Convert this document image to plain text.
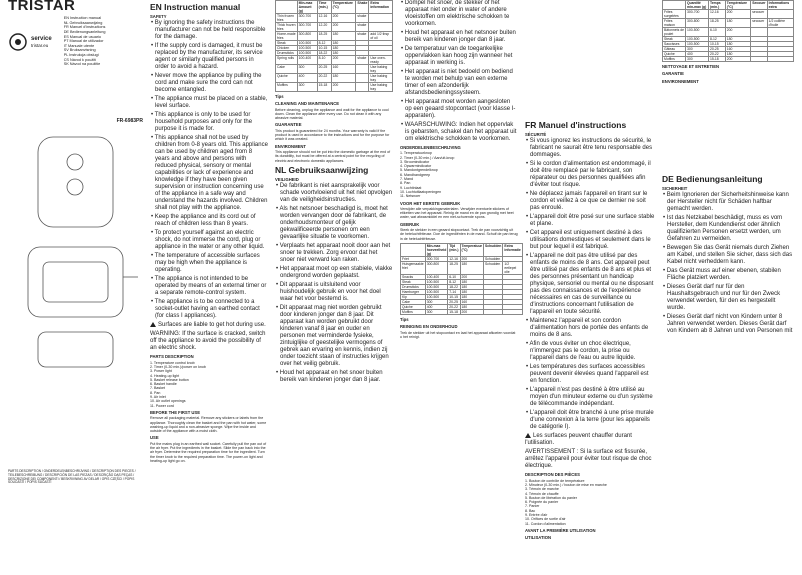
TRISTAR
service
tristar.eu
EN Instruction manual
NL Gebruiksaanwijzing
FR Manuel d'instructions
DE Bedienungsanleitung
ES Manual de usuario
PT Manual de utilizador
IT Manuale utente
SV Bruksanvisning
PL Instrukcja obslugi
CS Návod k použití
SK Návod na použitie
FR-6983PR
PARTS DESCRIPTION / ONDERDELENBESCHRIJVING / DESCRIPTION DES PIECES / TEILEBESCHREIBUNG / DESCRIPCIÓN DE LAS PIEZAS / DESCRIÇÃO DAS PEÇAS / DESCRIZIONE DEI COMPONENTI / BESKRIVNING AV DELAR / OPIS CZĘŚCI / POPIS SOUČÁSTÍ / POPIS SÚČASTÍ
EN Instruction manual
SAFETY

• By ignoring the safety instructions the manufacturer can not be held responsible for the damage.

• If the supply cord is damaged, it must be replaced by the manufacturer, its service agent or similarly qualified persons in order to avoid a hazard.

• Never move the appliance by pulling the cord and make sure the cord can not become entangled.

• The appliance must be placed on a stable, level surface.

• This appliance is only to be used for household purposes and only for the purpose it is made for.

• This appliance shall not be used by children from 0-8 years old. This appliance can be used by children aged from 8 years and above and persons with reduced physical, sensory or mental capabilities or lack of experience and knowledge if they have been given supervision or instruction concerning use of the appliance in a safe way and understand the hazards involved. Children shall not play with the appliance.

• Keep the appliance and its cord out of reach of children less than 8 years.

• To protect yourself against an electric shock, do not immerse the cord, plug or appliance in the water or any other liquid.

• The temperature of accessible surfaces may be high when the appliance is operating.

• The appliance is not intended to be operated by means of an external timer or a separate remote-control system.

• The appliance is to be connected to a socket-outlet having an earthed contact (for class I appliances).

Surfaces are liable to get hot during use.

WARNING: If the surface is cracked, switch off the appliance to avoid the possibility of an electric shock.

PARTS DESCRIPTION
1. Temperature control knob
2. Timer (0-30 min.)/power on knob
3. Power light
4. Heating-up light
5. Basket release button
6. Basket handle
7. Basket
8. Pan
9. Air inlet
10. Air outlet openings
11. Power cord
BEFORE THE FIRST USE

Remove all packaging material. Remove any stickers or labels from the appliance. Thoroughly clean the basket and the pan with hot water, some washing-up liquid and a non-abrasive sponge. Wipe the inside and outside of the appliance with a moist cloth.

USE

Put the mains plug in an earthed wall socket. Carefully pull the pan out of the air fryer. Put the ingredients in the basket. Slide the pan back into the air fryer. Determine the required preparation time for the ingredient. Turn the timer knob to the required preparation time. The power-on light and heating-up light go on.

	Min-max Amount (g)	Time (min.)	Temperature (°C)	Shake	Extra information
Thin frozen fries	300-700	12-16	200	shake	
Thick frozen fries	300-700	12-20	200	shake	
Home-made fries	300-800	18-25	180	shake	add 1/2 tbsp of oil
Steak	100-500	8-12	180		
Chicken	100-500	10-15	180		
Drumsticks	100-500	18-22	180		
Spring rolls	100-400	8-10	200	shake	Use oven-ready
Cake	300	20-25	160		Use baking tray
Quiche	400	20-22	180		Use baking tray
Muffins	300	15-18	200		Use baking tray
Tips
CLEANING AND MAINTENANCE

Before cleaning, unplug the appliance and wait for the appliance to cool down. Clean the appliance after every use. Do not clean it with any abrasive material.

GUARANTEE

This product is guaranteed for 24 months. Your warranty is valid if the product is used in accordance to the instructions and for the purpose for which it was created.

ENVIRONMENT

This appliance should not be put into the domestic garbage at the end of its durability, but must be offered at a central point for the recycling of electric and electronic domestic appliances.

NL Gebruiksaanwijzing
VEILIGHEID

• De fabrikant is niet aansprakelijk voor schade voortvloeiend uit het niet opvolgen van de veiligheidsinstructies.

• Als het netsnoer beschadigd is, moet het worden vervangen door de fabrikant, de onderhoudsmonteur of gelijk gekwalificeerde personen om een gevaarlijke situatie te voorkomen.

• Verplaats het apparaat nooit door aan het snoer te trekken. Zorg ervoor dat het snoer niet verward kan raken.

• Het apparaat moet op een stabiele, vlakke ondergrond worden geplaatst.

• Dit apparaat is uitsluitend voor huishoudelijk gebruik en voor het doel waar het voor bestemd is.

• Dit apparaat mag niet worden gebruikt door kinderen jonger dan 8 jaar. Dit apparaat kan worden gebruikt door kinderen vanaf 8 jaar en ouder en personen met verminderde fysieke, zintuiglijke of geestelijke vermogens of gebrek aan ervaring en kennis, indien zij onder toezicht staan of instructies krijgen over het veilig gebruik.

• Houd het apparaat en het snoer buiten bereik van kinderen jonger dan 8 jaar.

• Dompel het snoer, de stekker of het apparaat niet onder in water of andere vloeistoffen om elektrische schokken te voorkomen.

• Houd het apparaat en het netsnoer buiten bereik van kinderen jonger dan 8 jaar.

• De temperatuur van de toegankelijke oppervlakken kan hoog zijn wanneer het apparaat in werking is.

• Het apparaat is niet bedoeld om bediend te worden met behulp van een externe timer of een afzonderlijk afstandsbedieningssysteem.

• Het apparaat moet worden aangesloten op een geaard stopcontact (voor klasse I-apparaten).

• WAARSCHUWING: Indien het oppervlak is gebarsten, schakel dan het apparaat uit om elektrische schokken te voorkomen.

ONDERDELENBESCHRIJVING
1. Temperatuurknop
2. Timer (0-30 min.) / Aan/uit-knop
3. Stroomindicator
4. Opwarmindicator
5. Mandontgrendelknop
6. Mandhandgreep
7. Mand
8. Pan
9. Luchtinlaat
10. Luchtuitlaatopeningen
11. Netsnoer
VOOR HET EERSTE GEBRUIK

Verwijder alle verpakkingsmaterialen. Verwijder eventuele stickers of etiketten van het apparaat. Reinig de mand en de pan grondig met heet water, wat afwasmiddel en een niet-schurende spons.

GEBRUIK

Steek de stekker in een geaard stopcontact. Trek de pan voorzichtig uit de heteluchtfriteuse. Doe de ingrediënten in de mand. Schuif de pan terug in de heteluchtfriteuse.

	Min-max hoeveelheid (g)	Tijd (min.)	Temperatuur (°C)	Schudden	Extra informatie
Friet	300-700	12-16	200	Schudden	
Huisgemaakte friet	300-800	18-25	180	Schudden	1/2 eetlepel olie
Snacks	100-400	6-10	200		
Steak	100-500	8-12	180		
Drumsticks	100-500	18-22	180		
Hamburger	100-500	7-14	180		
Kip	100-500	10-15	180		
Cake	300	20-25	160		
Quiche	400	20-22	180		
Muffins	300	15-18	200		
Tips
REINIGING EN ONDERHOUD

Trek de stekker uit het stopcontact en laat het apparaat afkoelen voordat u het reinigt.

FR Manuel d'instructions
SÉCURITÉ

• Si vous ignorez les instructions de sécurité, le fabricant ne saurait être tenu responsable des dommages.

• Si le cordon d'alimentation est endommagé, il doit être remplacé par le fabricant, son réparateur ou des personnes qualifiées afin d'éviter tout risque.

• Ne déplacez jamais l'appareil en tirant sur le cordon et veillez à ce que ce dernier ne soit pas enroulé.

• L'appareil doit être posé sur une surface stable et plane.

• Cet appareil est uniquement destiné à des utilisations domestiques et seulement dans le but pour lequel il est fabriqué.

• L'appareil ne doit pas être utilisé par des enfants de moins de 8 ans. Cet appareil peut être utilisé par des enfants de 8 ans et plus et des personnes présentant un handicap physique, sensoriel ou mental ou ne disposant pas des connaissances et de l'expérience nécessaires en cas de surveillance ou d'instructions concernant l'utilisation de l'appareil en toute sécurité.

• Maintenez l'appareil et son cordon d'alimentation hors de portée des enfants de moins de 8 ans.

• Afin de vous éviter un choc électrique, n'immergez pas le cordon, la prise ou l'appareil dans de l'eau ou autre liquide.

• Les températures des surfaces accessibles peuvent devenir élevées quand l'appareil est en fonction.

• L'appareil n'est pas destiné à être utilisé au moyen d'un minuteur externe ou d'un système de télécommande indépendant.

• L'appareil doit être branché à une prise murale d'une connexion à la terre (pour les appareils de catégorie I).

Les surfaces peuvent chauffer durant l'utilisation.

AVERTISSEMENT : Si la surface est fissurée, arrêtez l'appareil pour éviter tout risque de choc électrique.

DESCRIPTION DES PIÈCES
1. Bouton de contrôle de température
2. Minuteur (0-30 min.) / bouton de mise en marche
3. Témoin de marche
4. Témoin de chauffe
5. Bouton de libération du panier
6. Poignée du panier
7. Panier
8. Bac
9. Entrée d'air
10. Orifices de sortie d'air
11. Cordon d'alimentation
AVANT LA PREMIÈRE UTILISATION
UTILISATION
	Quantité min-max (g)	Temps (min.)	Température (°C)	Secouer	Informations extra
Frites surgelées	300-700	12-16	200	secouer	
Frites maison	300-800	18-25	180	secouer	1/2 cuillère d'huile
Bâtonnets de poulet	100-500	6-10	200		
Steak	100-500	8-12	180		
Saucisses	100-500	10-15	180		
Gâteau	300	20-25	160		
Quiche	400	20-22	180		
Muffins	300	15-18	200		
NETTOYAGE ET ENTRETIEN
GARANTIE
ENVIRONNEMENT
DE Bedienungsanleitung
SICHERHEIT

• Beim Ignorieren der Sicherheitshinweise kann der Hersteller nicht für Schäden haftbar gemacht werden.

• Ist das Netzkabel beschädigt, muss es vom Hersteller, dem Kundendienst oder ähnlich qualifizierten Personen ersetzt werden, um Gefahren zu vermeiden.

• Bewegen Sie das Gerät niemals durch Ziehen am Kabel, und stellen Sie sicher, dass sich das Kabel nicht verheddern kann.

• Das Gerät muss auf einer ebenen, stabilen Fläche platziert werden.

• Dieses Gerät darf nur für den Haushaltsgebrauch und nur für den Zweck verwendet werden, für den es hergestellt wurde.

• Dieses Gerät darf nicht von Kindern unter 8 Jahren verwendet werden. Dieses Gerät darf von Kindern ab 8 Jahren und von Personen mit
